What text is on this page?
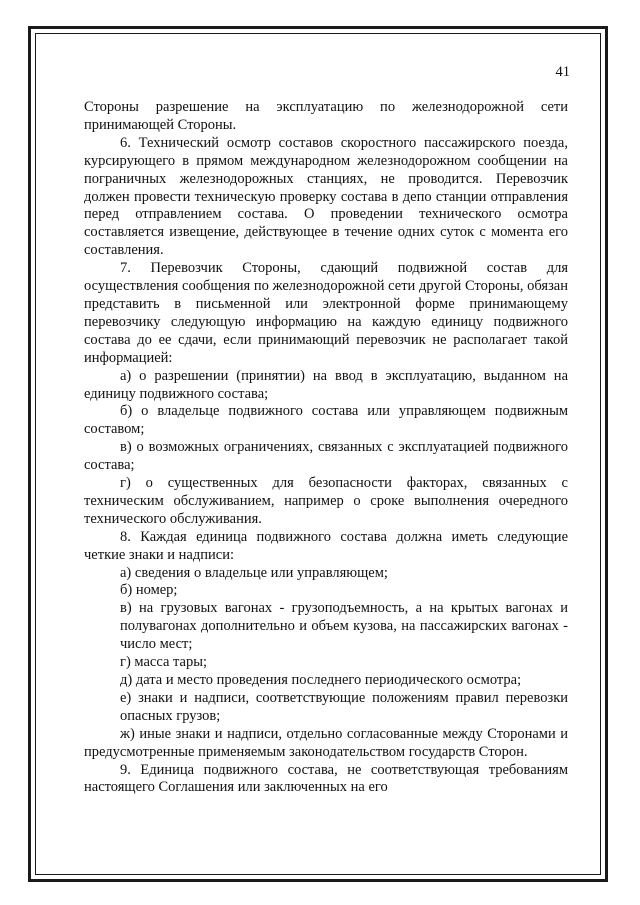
41

Стороны разрешение на эксплуатацию по железнодорожной сети принимающей Стороны.

6. Технический осмотр составов скоростного пассажирского поезда, курсирующего в прямом международном железнодорожном сообщении на пограничных железнодорожных станциях, не проводится. Перевозчик должен провести техническую проверку состава в депо станции отправления перед отправлением состава. О проведении технического осмотра составляется извещение, действующее в течение одних суток с момента его составления.

7. Перевозчик Стороны, сдающий подвижной состав для осуществления сообщения по железнодорожной сети другой Стороны, обязан представить в письменной или электронной форме принимающему перевозчику следующую информацию на каждую единицу подвижного состава до ее сдачи, если принимающий перевозчик не располагает такой информацией:

а) о разрешении (принятии) на ввод в эксплуатацию, выданном на единицу подвижного состава;

б) о владельце подвижного состава или управляющем подвижным составом;

в) о возможных ограничениях, связанных с эксплуатацией подвижного состава;

г) о существенных для безопасности факторах, связанных с техническим обслуживанием, например о сроке выполнения очередного технического обслуживания.

8. Каждая единица подвижного состава должна иметь следующие четкие знаки и надписи:

а) сведения о владельце или управляющем;

б) номер;

в) на грузовых вагонах - грузоподъемность, а на крытых вагонах и полувагонах дополнительно и объем кузова, на пассажирских вагонах - число мест;

г) масса тары;

д) дата и место проведения последнего периодического осмотра;

е) знаки и надписи, соответствующие положениям правил перевозки опасных грузов;

ж) иные знаки и надписи, отдельно согласованные между Сторонами и предусмотренные применяемым законодательством государств Сторон.

9. Единица подвижного состава, не соответствующая требованиям настоящего Соглашения или заключенных на его
